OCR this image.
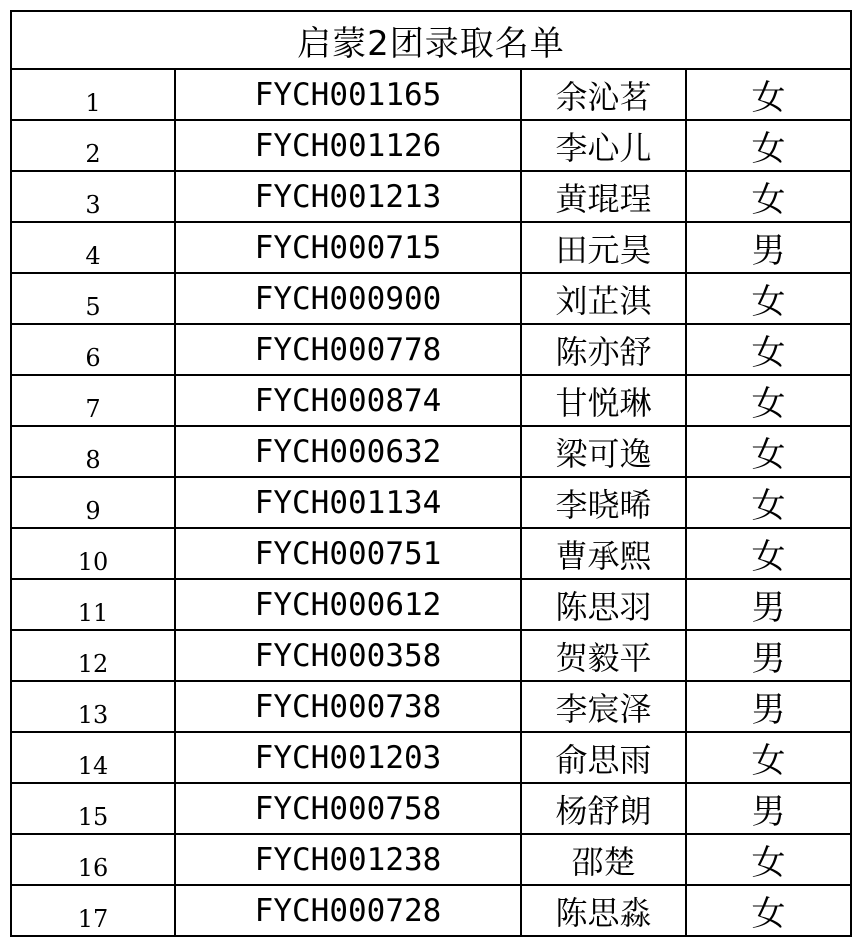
启蒙2团录取名单
1	FYCH001165	余沁茗	女
2	FYCH001126	李心儿	女
3	FYCH001213	黄琨珵	女
4	FYCH000715	田元昊	男
5	FYCH000900	刘芷淇	女
6	FYCH000778	陈亦舒	女
7	FYCH000874	甘悦琳	女
8	FYCH000632	梁可逸	女
9	FYCH001134	李晓晞	女
10	FYCH000751	曹承熙	女
11	FYCH000612	陈思羽	男
12	FYCH000358	贺毅平	男
13	FYCH000738	李宸泽	男
14	FYCH001203	俞思雨	女
15	FYCH000758	杨舒朗	男
16	FYCH001238	邵楚	女
17	FYCH000728	陈思淼	女
